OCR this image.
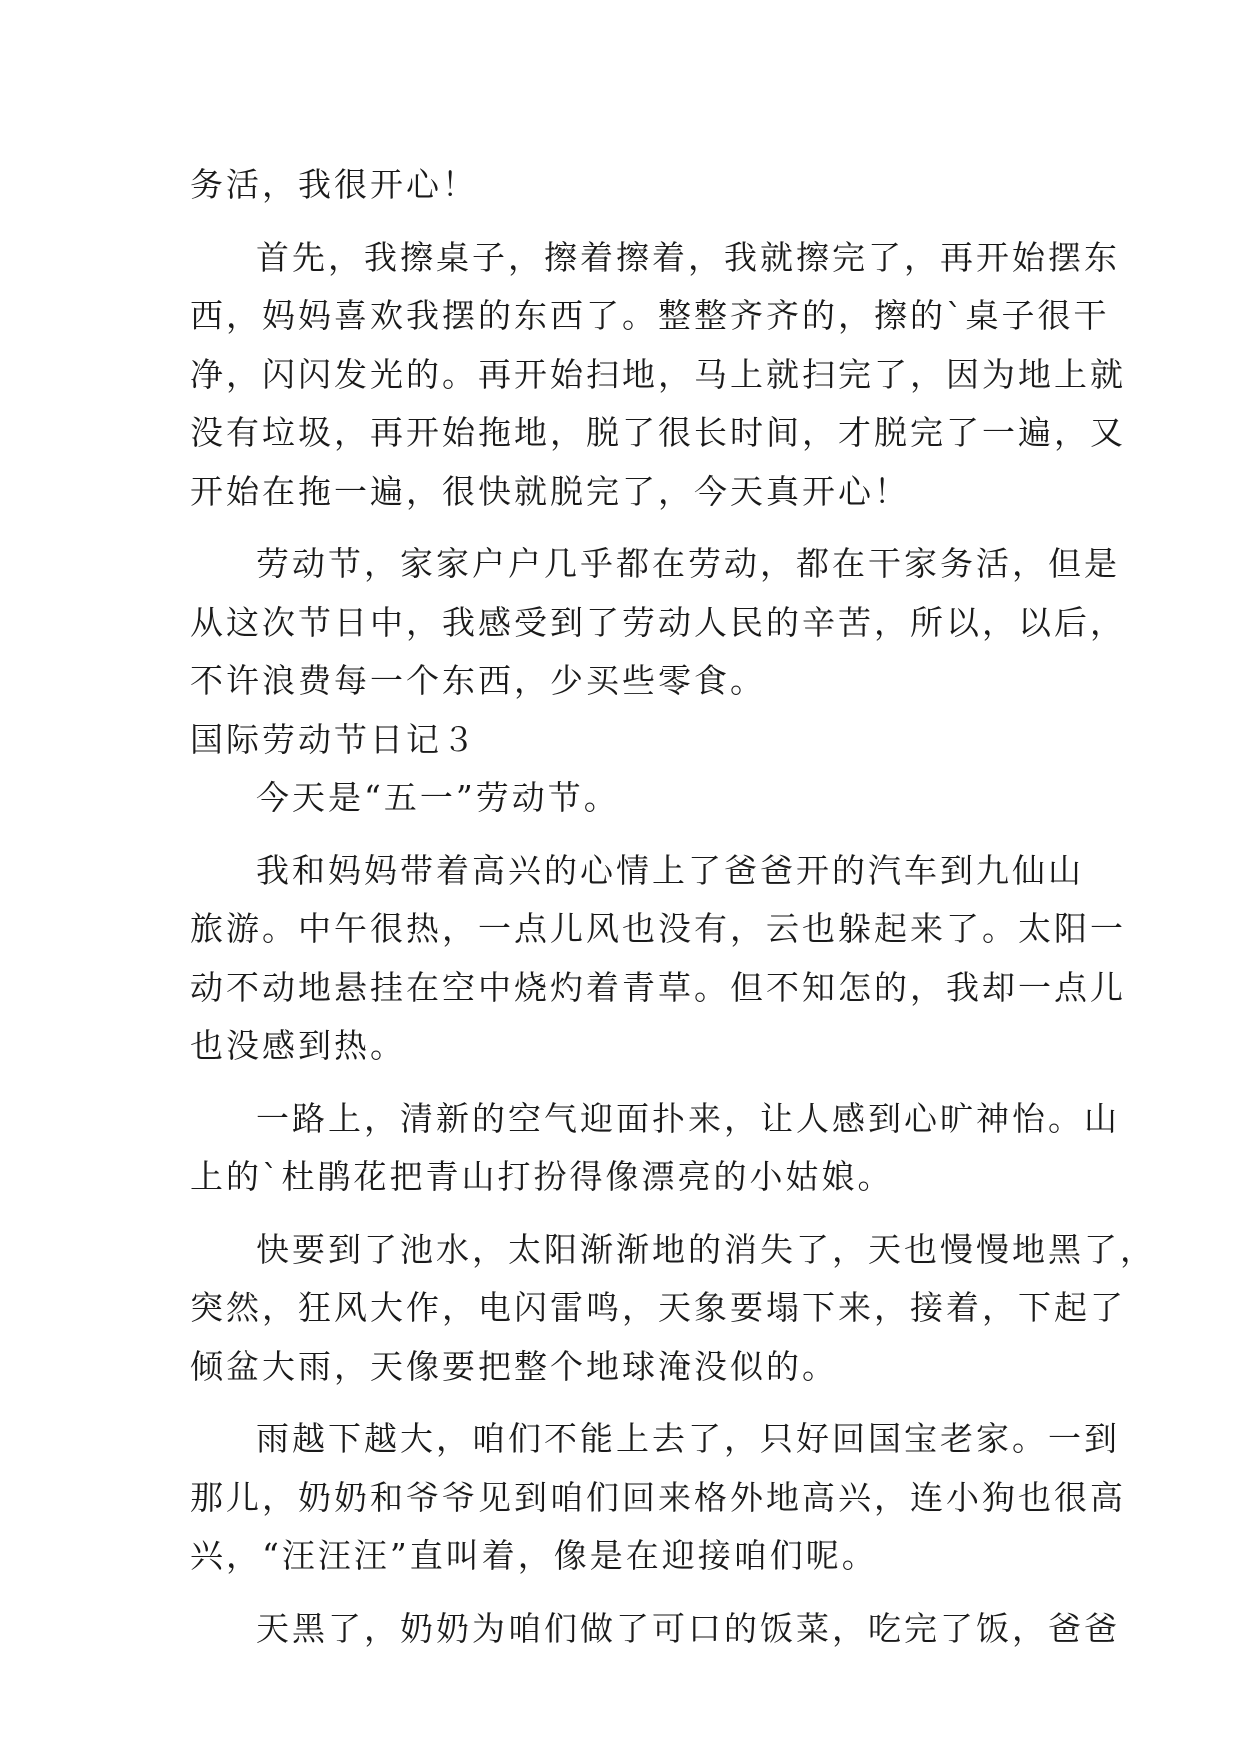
务活，我很开心！
首先，我擦桌子，擦着擦着，我就擦完了，再开始摆东
西，妈妈喜欢我摆的东西了。整整齐齐的，擦的`桌子很干
净，闪闪发光的。再开始扫地，马上就扫完了，因为地上就
没有垃圾，再开始拖地，脱了很长时间，才脱完了一遍，又
开始在拖一遍，很快就脱完了，今天真开心！
劳动节，家家户户几乎都在劳动，都在干家务活，但是
从这次节日中，我感受到了劳动人民的辛苦，所以，以后，
不许浪费每一个东西，少买些零食。
国际劳动节日记３
今天是“五一”劳动节。
我和妈妈带着高兴的心情上了爸爸开的汽车到九仙山
旅游。中午很热，一点儿风也没有，云也躲起来了。太阳一
动不动地悬挂在空中烧灼着青草。但不知怎的，我却一点儿
也没感到热。
一路上，清新的空气迎面扑来，让人感到心旷神怡。山
上的`杜鹃花把青山打扮得像漂亮的小姑娘。
快要到了池水，太阳渐渐地的消失了，天也慢慢地黑了，
突然，狂风大作，电闪雷鸣，天象要塌下来，接着，下起了
倾盆大雨，天像要把整个地球淹没似的。
雨越下越大，咱们不能上去了，只好回国宝老家。一到
那儿，奶奶和爷爷见到咱们回来格外地高兴，连小狗也很高
兴，“汪汪汪”直叫着，像是在迎接咱们呢。
天黑了，奶奶为咱们做了可口的饭菜，吃完了饭，爸爸
